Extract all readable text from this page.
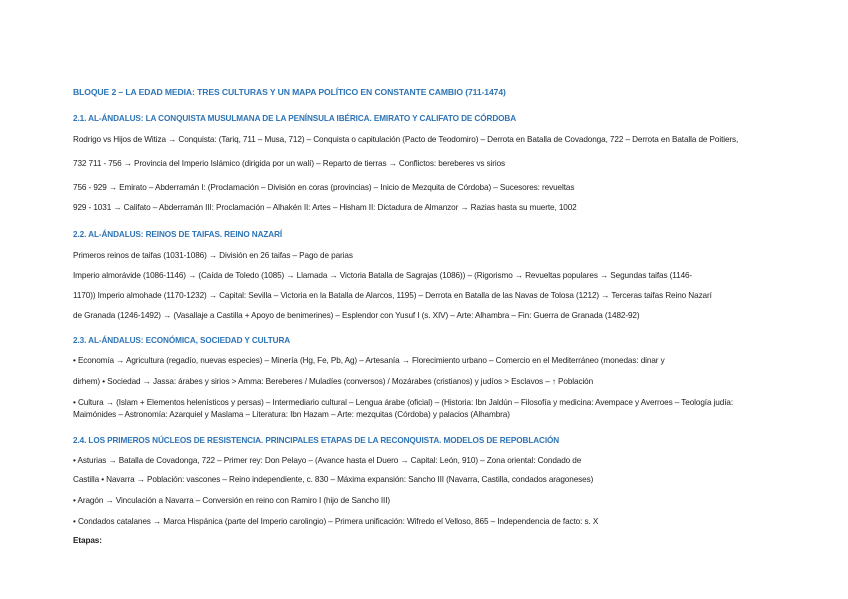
BLOQUE 2 – LA EDAD MEDIA: TRES CULTURAS Y UN MAPA POLÍTICO EN CONSTANTE CAMBIO (711-1474)
2.1. AL-ÁNDALUS: LA CONQUISTA MUSULMANA DE LA PENÍNSULA IBÉRICA. EMIRATO Y CALIFATO DE CÓRDOBA
Rodrigo vs Hijos de Witiza → Conquista: (Tariq, 711 – Musa, 712) – Conquista o capitulación (Pacto de Teodomiro) – Derrota en Batalla de Covadonga, 722 – Derrota en Batalla de Poitiers,
732 711 - 756 → Provincia del Imperio Islámico (dirigida por un walí) – Reparto de tierras → Conflictos: bereberes vs sirios
756 - 929 → Emirato – Abderramán I: (Proclamación – División en coras (provincias) – Inicio de Mezquita de Córdoba) – Sucesores: revueltas
929 - 1031 → Califato – Abderramán III: Proclamación – Alhakén II: Artes – Hisham II: Dictadura de Almanzor → Razias hasta su muerte, 1002
2.2. AL-ÁNDALUS: REINOS DE TAIFAS. REINO NAZARÍ
Primeros reinos de taifas (1031-1086) → División en 26 taifas – Pago de parias
Imperio almorávide (1086-1146) → (Caída de Toledo (1085) → Llamada → Victoria Batalla de Sagrajas (1086)) – (Rigorismo → Revueltas populares → Segundas taifas (1146-
1170)) Imperio almohade (1170-1232) → Capital: Sevilla – Victoria en la Batalla de Alarcos, 1195) – Derrota en Batalla de las Navas de Tolosa (1212) → Terceras taifas Reino Nazarí
de Granada (1246-1492) → (Vasallaje a Castilla + Apoyo de benimerines) – Esplendor con Yusuf I (s. XIV) – Arte: Alhambra – Fin: Guerra de Granada (1482-92)
2.3. AL-ÁNDALUS: ECONÓMICA, SOCIEDAD Y CULTURA
• Economía → Agricultura (regadío, nuevas especies) – Minería (Hg, Fe, Pb, Ag) – Artesanía → Florecimiento urbano – Comercio en el Mediterráneo (monedas: dinar y
dirhem) • Sociedad → Jassa: árabes y sirios > Amma: Bereberes / Muladíes (conversos) / Mozárabes (cristianos) y judíos > Esclavos – ↑ Población
• Cultura → (Islam + Elementos helenísticos y persas) – Intermediario cultural – Lengua árabe (oficial) – (Historia: Ibn Jaldún – Filosofía y medicina: Avempace y Averroes – Teología judía:
Maimónides – Astronomía: Azarquiel y Maslama – Literatura: Ibn Hazam – Arte: mezquitas (Córdoba) y palacios (Alhambra)
2.4. LOS PRIMEROS NÚCLEOS DE RESISTENCIA. PRINCIPALES ETAPAS DE LA RECONQUISTA. MODELOS DE REPOBLACIÓN
• Asturias → Batalla de Covadonga, 722 – Primer rey: Don Pelayo – (Avance hasta el Duero → Capital: León, 910) – Zona oriental: Condado de
Castilla • Navarra → Población: vascones – Reino independiente, c. 830 – Máxima expansión: Sancho III (Navarra, Castilla, condados aragoneses)
• Aragón → Vinculación a Navarra – Conversión en reino con Ramiro I (hijo de Sancho III)
• Condados catalanes → Marca Hispánica (parte del Imperio carolingio) – Primera unificación: Wifredo el Velloso, 865 – Independencia de facto: s. X
Etapas:
